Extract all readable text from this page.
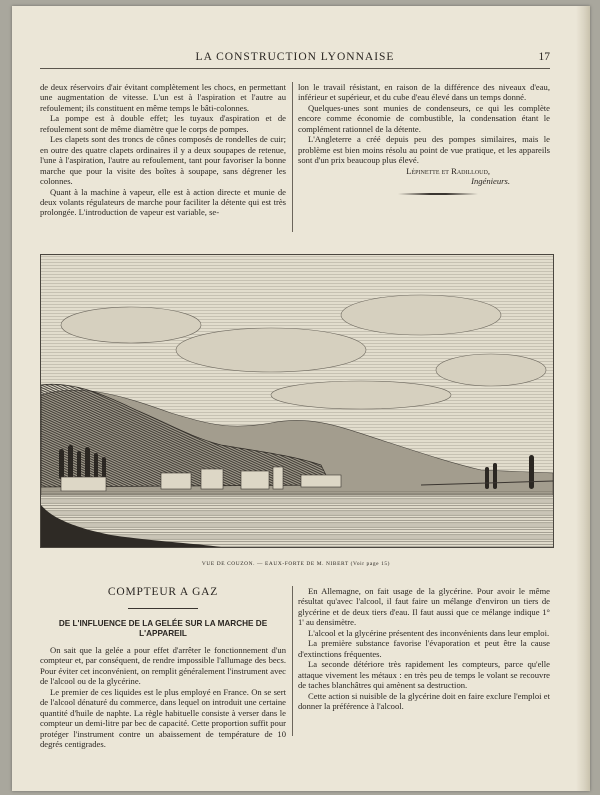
LA CONSTRUCTION LYONNAISE	17

de deux réservoirs d'air évitant complètement les chocs, en permettant une augmentation de vitesse. L'un est à l'aspiration et l'autre au refoulement; ils constituent en même temps le bâti-colonnes.

La pompe est à double effet; les tuyaux d'aspiration et de refoulement sont de même diamètre que le corps de pompes.

Les clapets sont des troncs de cônes composés de rondelles de cuir; en outre des quatre clapets ordinaires il y a deux soupapes de retenue, l'une à l'aspiration, l'autre au refoulement, tant pour favoriser la bonne marche que pour la visite des boîtes à soupape, sans dégrener les colonnes.

Quant à la machine à vapeur, elle est à action directe et munie de deux volants régulateurs de marche pour faciliter la détente qui est très prolongée. L'introduction de vapeur est variable, se-

lon le travail résistant, en raison de la différence des niveaux d'eau, inférieur et supérieur, et du cube d'eau élevé dans un temps donné.

Quelques-unes sont munies de condenseurs, ce qui les complète encore comme économie de combustible, la condensation étant le complément rationnel de la détente.

L'Angleterre a créé depuis peu des pompes similaires, mais le problème est bien moins résolu au point de vue pratique, et les appareils sont d'un prix beaucoup plus élevé.

Lépinette et Radilloud,
Ingénieurs.
VUE DE COUZON. — EAUX-FORTE DE M. NIBERT (Voir page 15)
COMPTEUR A GAZ
DE L'INFLUENCE DE LA GELÉE SUR LA MARCHE DE L'APPAREIL

On sait que la gelée a pour effet d'arrêter le fonctionnement d'un compteur et, par conséquent, de rendre impossible l'allumage des becs. Pour éviter cet inconvénient, on remplit généralement l'instrument avec de l'alcool ou de la glycérine.

Le premier de ces liquides est le plus employé en France. On se sert de l'alcool dénaturé du commerce, dans lequel on introduit une certaine quantité d'huile de naphte. La règle habituelle consiste à verser dans le compteur un demi-litre par bec de capacité. Cette proportion suffit pour protéger l'instrument contre un abaissement de température de 10 degrés centigrades.

En Allemagne, on fait usage de la glycérine. Pour avoir le même résultat qu'avec l'alcool, il faut faire un mélange d'environ un tiers de glycérine et de deux tiers d'eau. Il faut aussi que ce mélange indique 1° 1' au densimètre.

L'alcool et la glycérine présentent des inconvénients dans leur emploi.

La première substance favorise l'évaporation et peut être la cause d'extinctions fréquentes.

La seconde détériore très rapidement les compteurs, parce qu'elle attaque vivement les métaux : en très peu de temps le volant se recouvre de taches blanchâtres qui amènent sa destruction.

Cette action si nuisible de la glycérine doit en faire exclure l'emploi et donner la préférence à l'alcool.
